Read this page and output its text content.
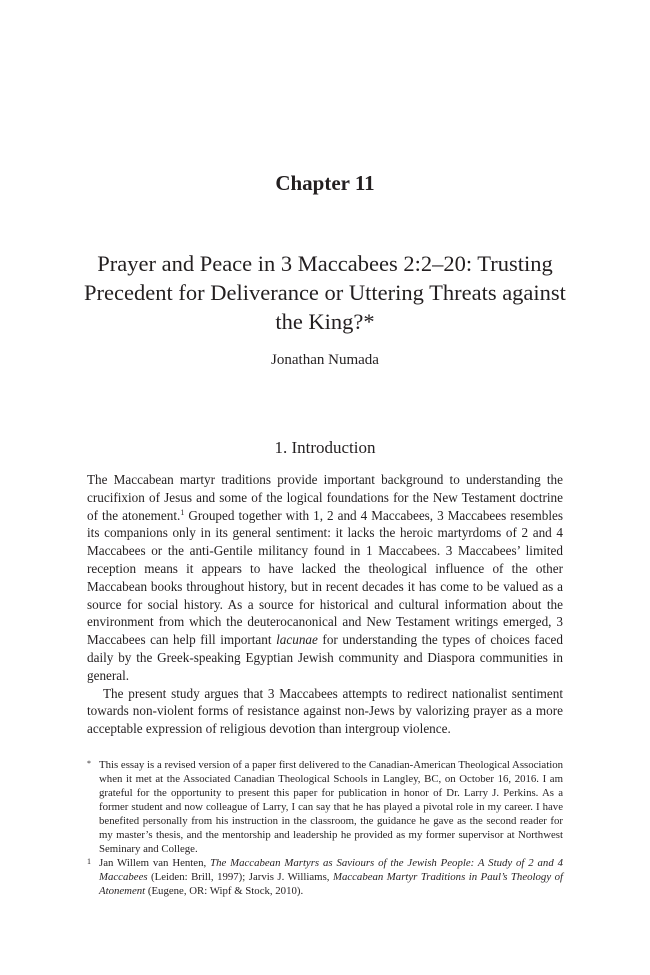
Chapter 11
Prayer and Peace in 3 Maccabees 2:2–20: Trusting Precedent for Deliverance or Uttering Threats against the King?*
Jonathan Numada
1. Introduction

The Maccabean martyr traditions provide important background to understanding the crucifixion of Jesus and some of the logical foundations for the New Testament doctrine of the atonement.$^1$ Grouped together with 1, 2 and 4 Maccabees, 3 Maccabees resembles its companions only in its general sentiment: it lacks the heroic martyrdoms of 2 and 4 Maccabees or the anti-Gentile militancy found in 1 Maccabees. 3 Maccabees’ limited reception means it appears to have lacked the theological influence of the other Maccabean books throughout history, but in recent decades it has come to be valued as a source for social history. As a source for historical and cultural information about the environment from which the deuterocanonical and New Testament writings emerged, 3 Maccabees can help fill important lacunae for understanding the types of choices faced daily by the Greek-speaking Egyptian Jewish community and Diaspora communities in general.

The present study argues that 3 Maccabees attempts to redirect nationalist sentiment towards non-violent forms of resistance against non-Jews by valorizing prayer as a more acceptable expression of religious devotion than intergroup violence.

* This essay is a revised version of a paper first delivered to the Canadian-American Theological Association when it met at the Associated Canadian Theological Schools in Langley, BC, on October 16, 2016. I am grateful for the opportunity to present this paper for publication in honor of Dr. Larry J. Perkins. As a former student and now colleague of Larry, I can say that he has played a pivotal role in my career. I have benefited personally from his instruction in the classroom, the guidance he gave as the second reader for my master’s thesis, and the mentorship and leadership he provided as my former supervisor at Northwest Seminary and College.

1 Jan Willem van Henten, The Maccabean Martyrs as Saviours of the Jewish People: A Study of 2 and 4 Maccabees (Leiden: Brill, 1997); Jarvis J. Williams, Maccabean Martyr Traditions in Paul’s Theology of Atonement (Eugene, OR: Wipf & Stock, 2010).
